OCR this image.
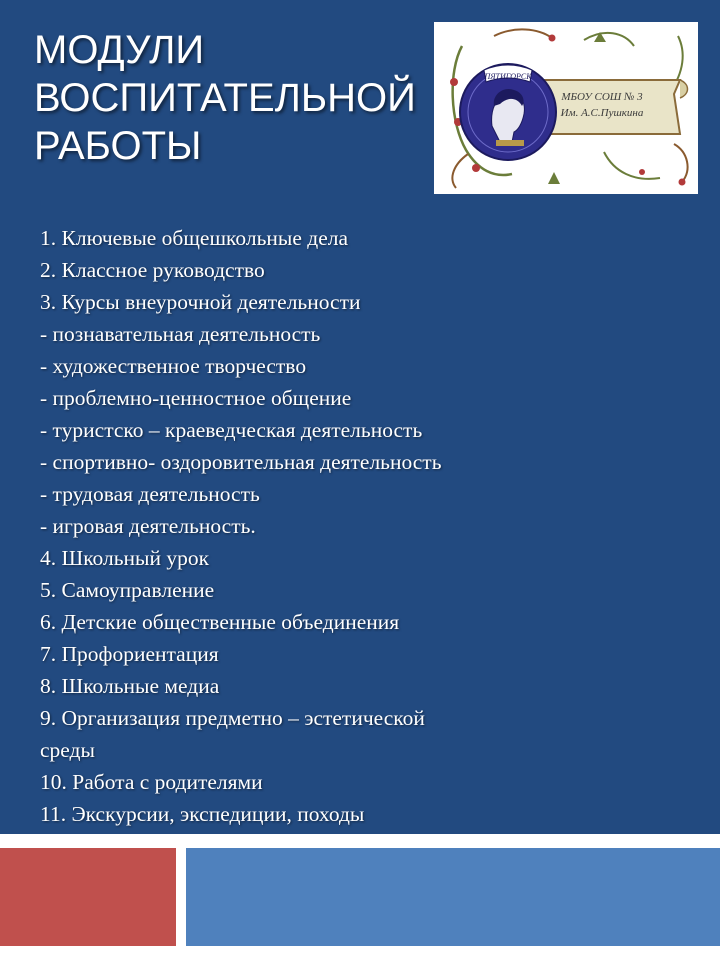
МОДУЛИ
ВОСПИТАТЕЛЬНОЙ
РАБОТЫ
МБОУ СОШ № 3
Им. А.С.Пушкина
ПЯТИГОРСК
1. Ключевые общешкольные дела
2. Классное руководство
3. Курсы внеурочной деятельности
- познавательная деятельность
- художественное творчество
- проблемно-ценностное общение
- туристско – краеведческая деятельность
- спортивно- оздоровительная деятельность
- трудовая деятельность
- игровая деятельность.
4. Школьный урок
5. Самоуправление
6. Детские общественные объединения
7. Профориентация
8. Школьные медиа
9. Организация предметно – эстетической
среды
10. Работа с родителями
11. Экскурсии, экспедиции, походы
